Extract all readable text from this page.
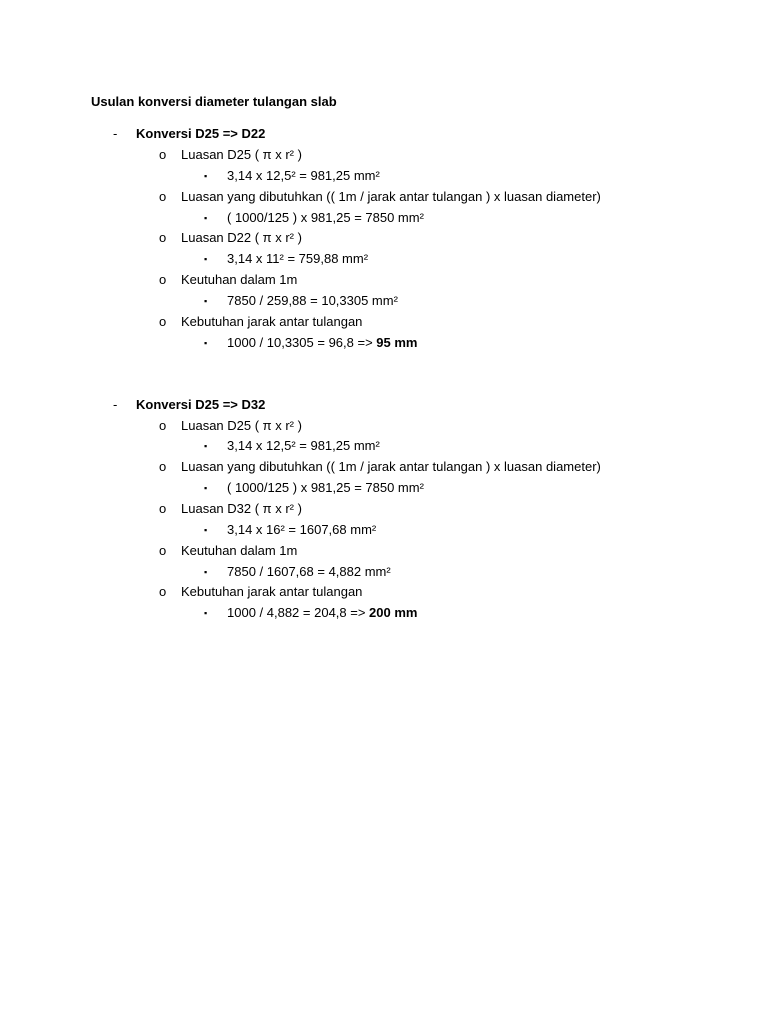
Usulan konversi diameter tulangan slab
- Konversi D25 => D22
o Luasan D25 ( π x r² )
▪ 3,14 x 12,5² = 981,25 mm²
o Luasan yang dibutuhkan (( 1m / jarak antar tulangan ) x luasan diameter)
▪ ( 1000/125 ) x 981,25 = 7850 mm²
o Luasan D22 ( π x r² )
▪ 3,14 x 11² = 759,88 mm²
o Keutuhan dalam 1m
▪ 7850 / 259,88 = 10,3305 mm²
o Kebutuhan jarak antar tulangan
▪ 1000 / 10,3305 = 96,8 => 95 mm
- Konversi D25 => D32
o Luasan D25 ( π x r² )
▪ 3,14 x 12,5² = 981,25 mm²
o Luasan yang dibutuhkan (( 1m / jarak antar tulangan ) x luasan diameter)
▪ ( 1000/125 ) x 981,25 = 7850 mm²
o Luasan D32 ( π x r² )
▪ 3,14 x 16² = 1607,68 mm²
o Keutuhan dalam 1m
▪ 7850 / 1607,68 = 4,882 mm²
o Kebutuhan jarak antar tulangan
▪ 1000 / 4,882 = 204,8 => 200 mm
